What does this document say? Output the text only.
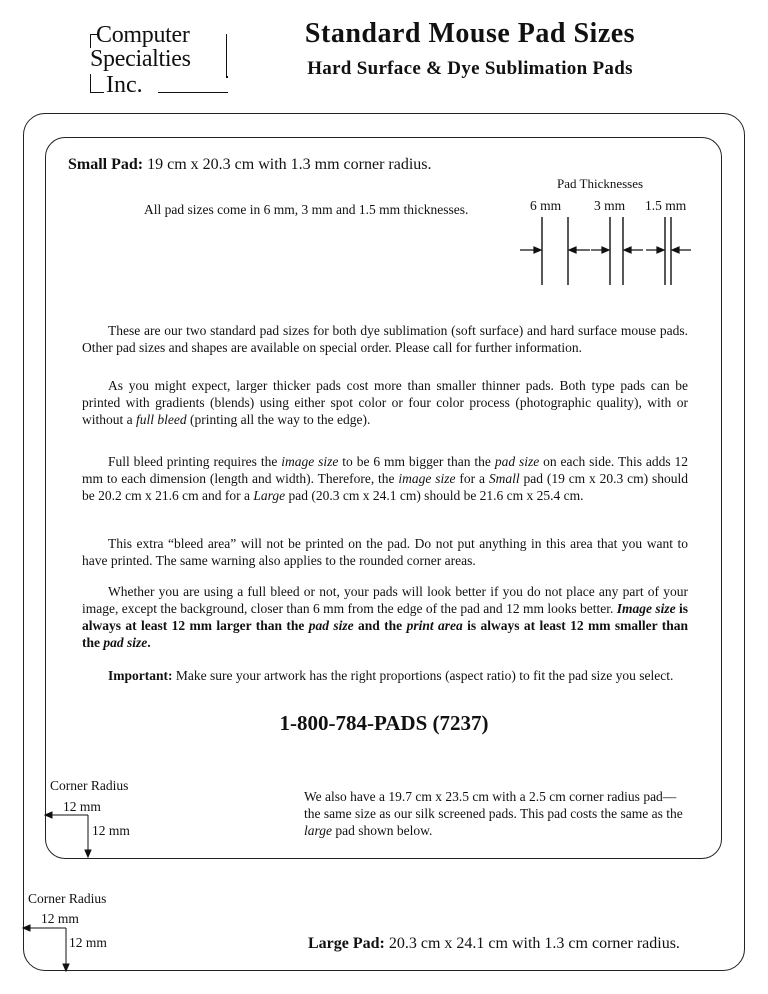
Computer
Specialties
Inc.
Standard Mouse Pad Sizes
Hard Surface & Dye Sublimation Pads
Small Pad: 19 cm x 20.3 cm with 1.3 mm corner radius.
Pad Thicknesses
All pad sizes come in 6 mm, 3 mm and 1.5 mm thicknesses.	6 mm 3 mm 1.5 mm

These are our two standard pad sizes for both dye sublimation (soft surface) and hard surface mouse pads. Other pad sizes and shapes are available on special order. Please call for further information.

As you might expect, larger thicker pads cost more than smaller thinner pads. Both type pads can be printed with gradients (blends) using either spot color or four color process (photographic quality), with or without a full bleed (printing all the way to the edge).

Full bleed printing requires the image size to be 6 mm bigger than the pad size on each side. This adds 12 mm to each dimension (length and width). Therefore, the image size for a Small pad (19 cm x 20.3 cm) should be 20.2 cm x 21.6 cm and for a Large pad (20.3 cm x 24.1 cm) should be 21.6 cm x 25.4 cm.

This extra “bleed area” will not be printed on the pad. Do not put anything in this area that you want to have printed. The same warning also applies to the rounded corner areas.

Whether you are using a full bleed or not, your pads will look better if you do not place any part of your image, except the background, closer than 6 mm from the edge of the pad and 12 mm looks better. Image size is always at least 12 mm larger than the pad size and the print area is always at least 12 mm smaller than the pad size.

Important: Make sure your artwork has the right proportions (aspect ratio) to fit the pad size you select.

1-800-784-PADS (7237)
We also have a 19.7 cm x 23.5 cm with a 2.5 cm corner radius pad—the same size as our silk screened pads. This pad costs the same as the large pad shown below.
Corner Radius
12 mm
12 mm
Corner Radius
12 mm
12 mm	Large Pad: 20.3 cm x 24.1 cm with 1.3 cm corner radius.
